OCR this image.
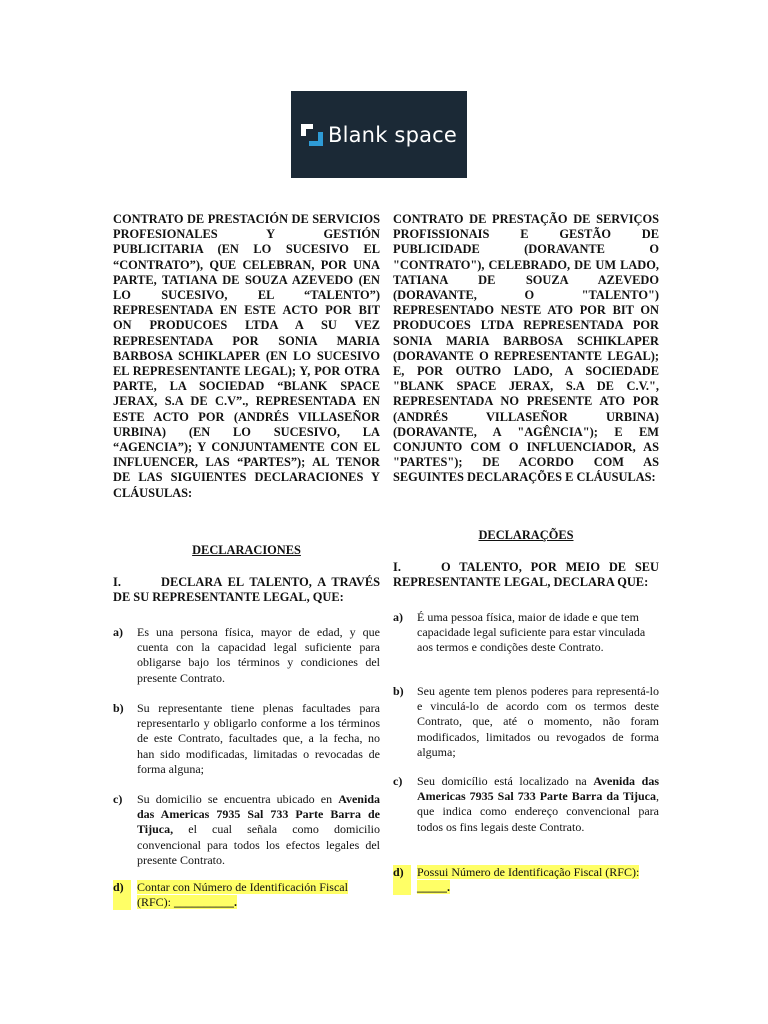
Blank space

CONTRATO DE PRESTACIÓN DE SERVICIOS PROFESIONALES Y GESTIÓN PUBLICITARIA (EN LO SUCESIVO EL “CONTRATO”), QUE CELEBRAN, POR UNA PARTE, TATIANA DE SOUZA AZEVEDO (EN LO SUCESIVO, EL “TALENTO”) REPRESENTADA EN ESTE ACTO POR BIT ON PRODUCOES LTDA A SU VEZ REPRESENTADA POR SONIA MARIA BARBOSA SCHIKLAPER (EN LO SUCESIVO EL REPRESENTANTE LEGAL); Y, POR OTRA PARTE, LA SOCIEDAD “BLANK SPACE JERAX, S.A DE C.V”., REPRESENTADA EN ESTE ACTO POR (ANDRÉS VILLASEÑOR URBINA) (EN LO SUCESIVO, LA “AGENCIA”); Y CONJUNTAMENTE CON EL INFLUENCER, LAS “PARTES”); AL TENOR DE LAS SIGUIENTES DECLARACIONES Y CLÁUSULAS:

DECLARACIONES

I.	DECLARA EL TALENTO, A TRAVÉS DE SU REPRESENTANTE LEGAL, QUE:

a)	Es una persona física, mayor de edad, y que cuenta con la capacidad legal suficiente para obligarse bajo los términos y condiciones del presente Contrato.
b)	Su representante tiene plenas facultades para representarlo y obligarlo conforme a los términos de este Contrato, facultades que, a la fecha, no han sido modificadas, limitadas o revocadas de forma alguna;
c)	Su domicilio se encuentra ubicado en Avenida das Americas 7935 Sal 733 Parte Barra de Tijuca, el cual señala como domicilio convencional para todos los efectos legales del presente Contrato.
d)	Contar con Número de Identificación Fiscal (RFC): __________.

CONTRATO DE PRESTAÇÃO DE SERVIÇOS PROFISSIONAIS E GESTÃO DE PUBLICIDADE (DORAVANTE O "CONTRATO"), CELEBRADO, DE UM LADO, TATIANA DE SOUZA AZEVEDO (DORAVANTE, O "TALENTO") REPRESENTADO NESTE ATO POR BIT ON PRODUCOES LTDA REPRESENTADA POR SONIA MARIA BARBOSA SCHIKLAPER (DORAVANTE O REPRESENTANTE LEGAL); E, POR OUTRO LADO, A SOCIEDADE "BLANK SPACE JERAX, S.A DE C.V.", REPRESENTADA NO PRESENTE ATO POR (ANDRÉS VILLASEÑOR URBINA) (DORAVANTE, A "AGÊNCIA"); E EM CONJUNTO COM O INFLUENCIADOR, AS "PARTES"); DE ACORDO COM AS SEGUINTES DECLARAÇÕES E CLÁUSULAS:

DECLARAÇÕES

I.	O TALENTO, POR MEIO DE SEU REPRESENTANTE LEGAL, DECLARA QUE:

a)	É uma pessoa física, maior de idade e que tem capacidade legal suficiente para estar vinculada aos termos e condições deste Contrato.
b)	Seu agente tem plenos poderes para representá-lo e vinculá-lo de acordo com os termos deste Contrato, que, até o momento, não foram modificados, limitados ou revogados de forma alguma;
c)	Seu domicílio está localizado na Avenida das Americas 7935 Sal 733 Parte Barra da Tijuca, que indica como endereço convencional para todos os fins legais deste Contrato.
d)	Possui Número de Identificação Fiscal (RFC): _____.
